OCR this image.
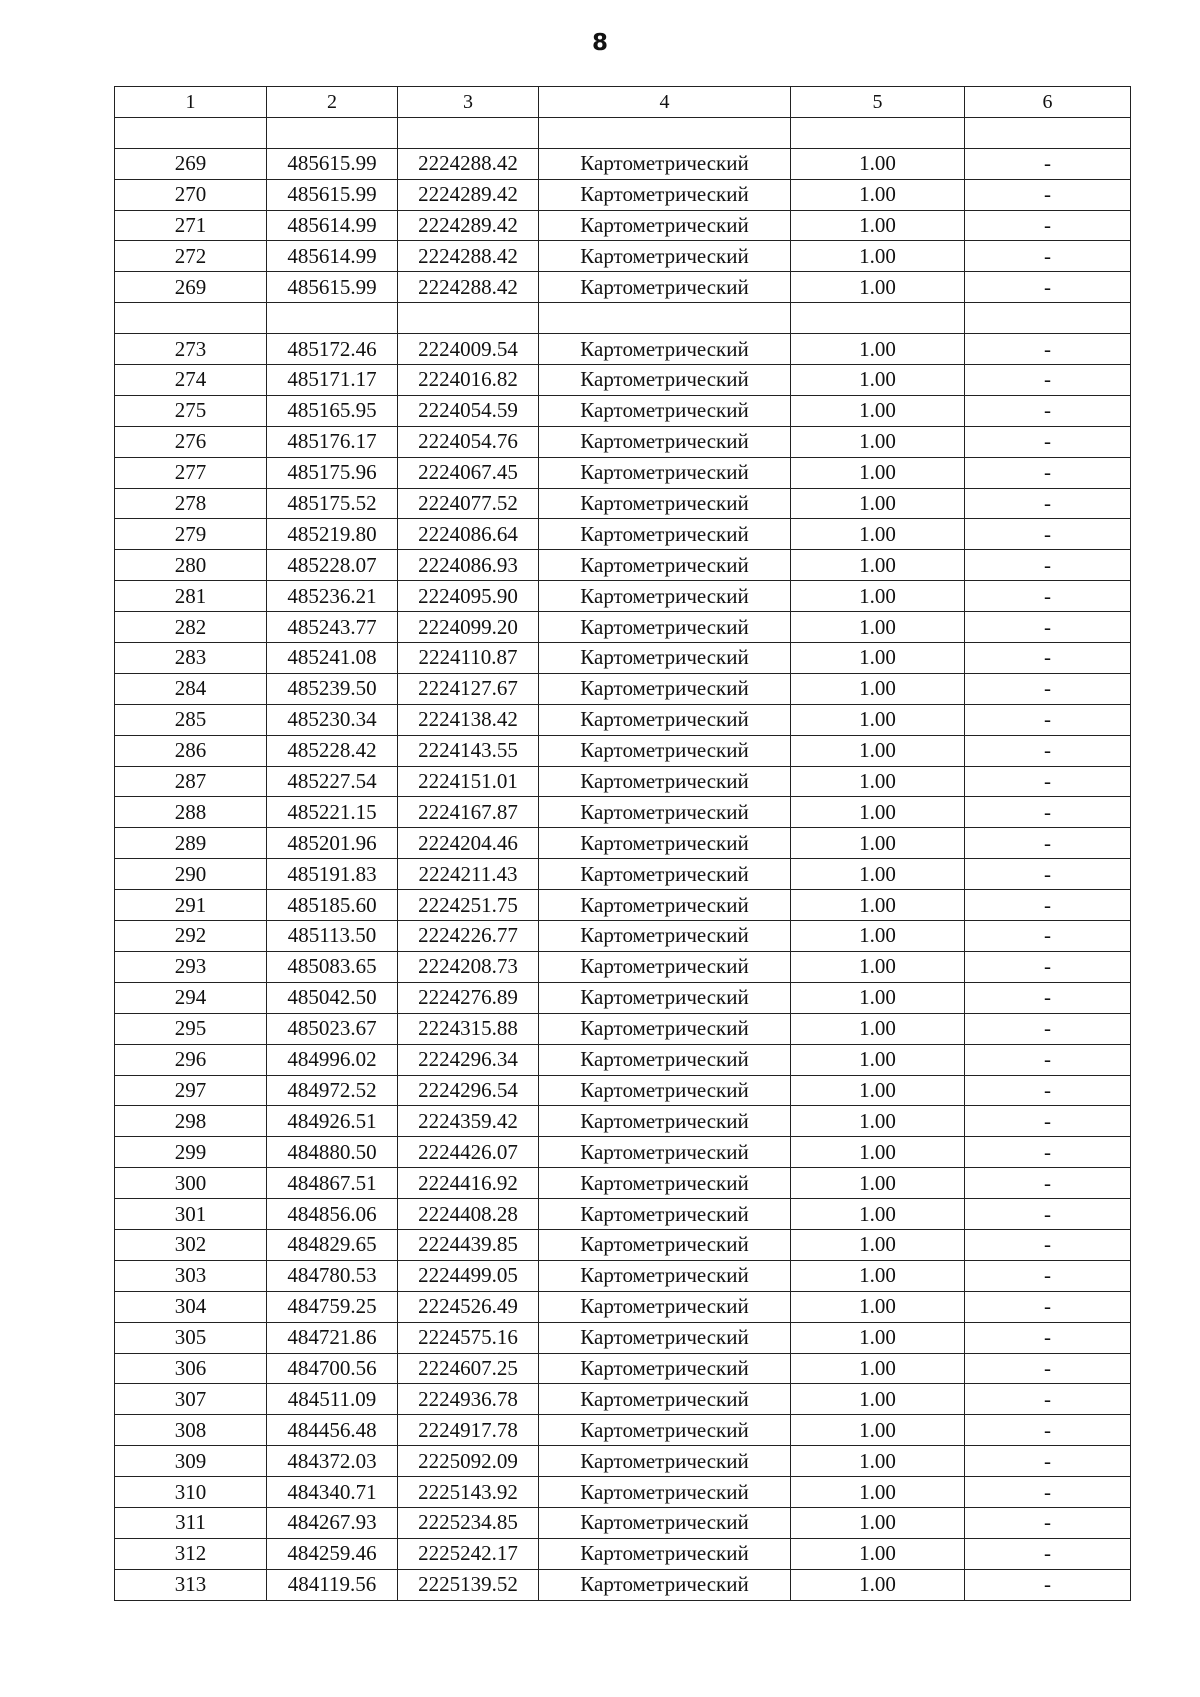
8
1	2	3	4	5	6

269	485615.99	2224288.42	Картометрический	1.00	-
270	485615.99	2224289.42	Картометрический	1.00	-
271	485614.99	2224289.42	Картометрический	1.00	-
272	485614.99	2224288.42	Картометрический	1.00	-
269	485615.99	2224288.42	Картометрический	1.00	-

273	485172.46	2224009.54	Картометрический	1.00	-
274	485171.17	2224016.82	Картометрический	1.00	-
275	485165.95	2224054.59	Картометрический	1.00	-
276	485176.17	2224054.76	Картометрический	1.00	-
277	485175.96	2224067.45	Картометрический	1.00	-
278	485175.52	2224077.52	Картометрический	1.00	-
279	485219.80	2224086.64	Картометрический	1.00	-
280	485228.07	2224086.93	Картометрический	1.00	-
281	485236.21	2224095.90	Картометрический	1.00	-
282	485243.77	2224099.20	Картометрический	1.00	-
283	485241.08	2224110.87	Картометрический	1.00	-
284	485239.50	2224127.67	Картометрический	1.00	-
285	485230.34	2224138.42	Картометрический	1.00	-
286	485228.42	2224143.55	Картометрический	1.00	-
287	485227.54	2224151.01	Картометрический	1.00	-
288	485221.15	2224167.87	Картометрический	1.00	-
289	485201.96	2224204.46	Картометрический	1.00	-
290	485191.83	2224211.43	Картометрический	1.00	-
291	485185.60	2224251.75	Картометрический	1.00	-
292	485113.50	2224226.77	Картометрический	1.00	-
293	485083.65	2224208.73	Картометрический	1.00	-
294	485042.50	2224276.89	Картометрический	1.00	-
295	485023.67	2224315.88	Картометрический	1.00	-
296	484996.02	2224296.34	Картометрический	1.00	-
297	484972.52	2224296.54	Картометрический	1.00	-
298	484926.51	2224359.42	Картометрический	1.00	-
299	484880.50	2224426.07	Картометрический	1.00	-
300	484867.51	2224416.92	Картометрический	1.00	-
301	484856.06	2224408.28	Картометрический	1.00	-
302	484829.65	2224439.85	Картометрический	1.00	-
303	484780.53	2224499.05	Картометрический	1.00	-
304	484759.25	2224526.49	Картометрический	1.00	-
305	484721.86	2224575.16	Картометрический	1.00	-
306	484700.56	2224607.25	Картометрический	1.00	-
307	484511.09	2224936.78	Картометрический	1.00	-
308	484456.48	2224917.78	Картометрический	1.00	-
309	484372.03	2225092.09	Картометрический	1.00	-
310	484340.71	2225143.92	Картометрический	1.00	-
311	484267.93	2225234.85	Картометрический	1.00	-
312	484259.46	2225242.17	Картометрический	1.00	-
313	484119.56	2225139.52	Картометрический	1.00	-
